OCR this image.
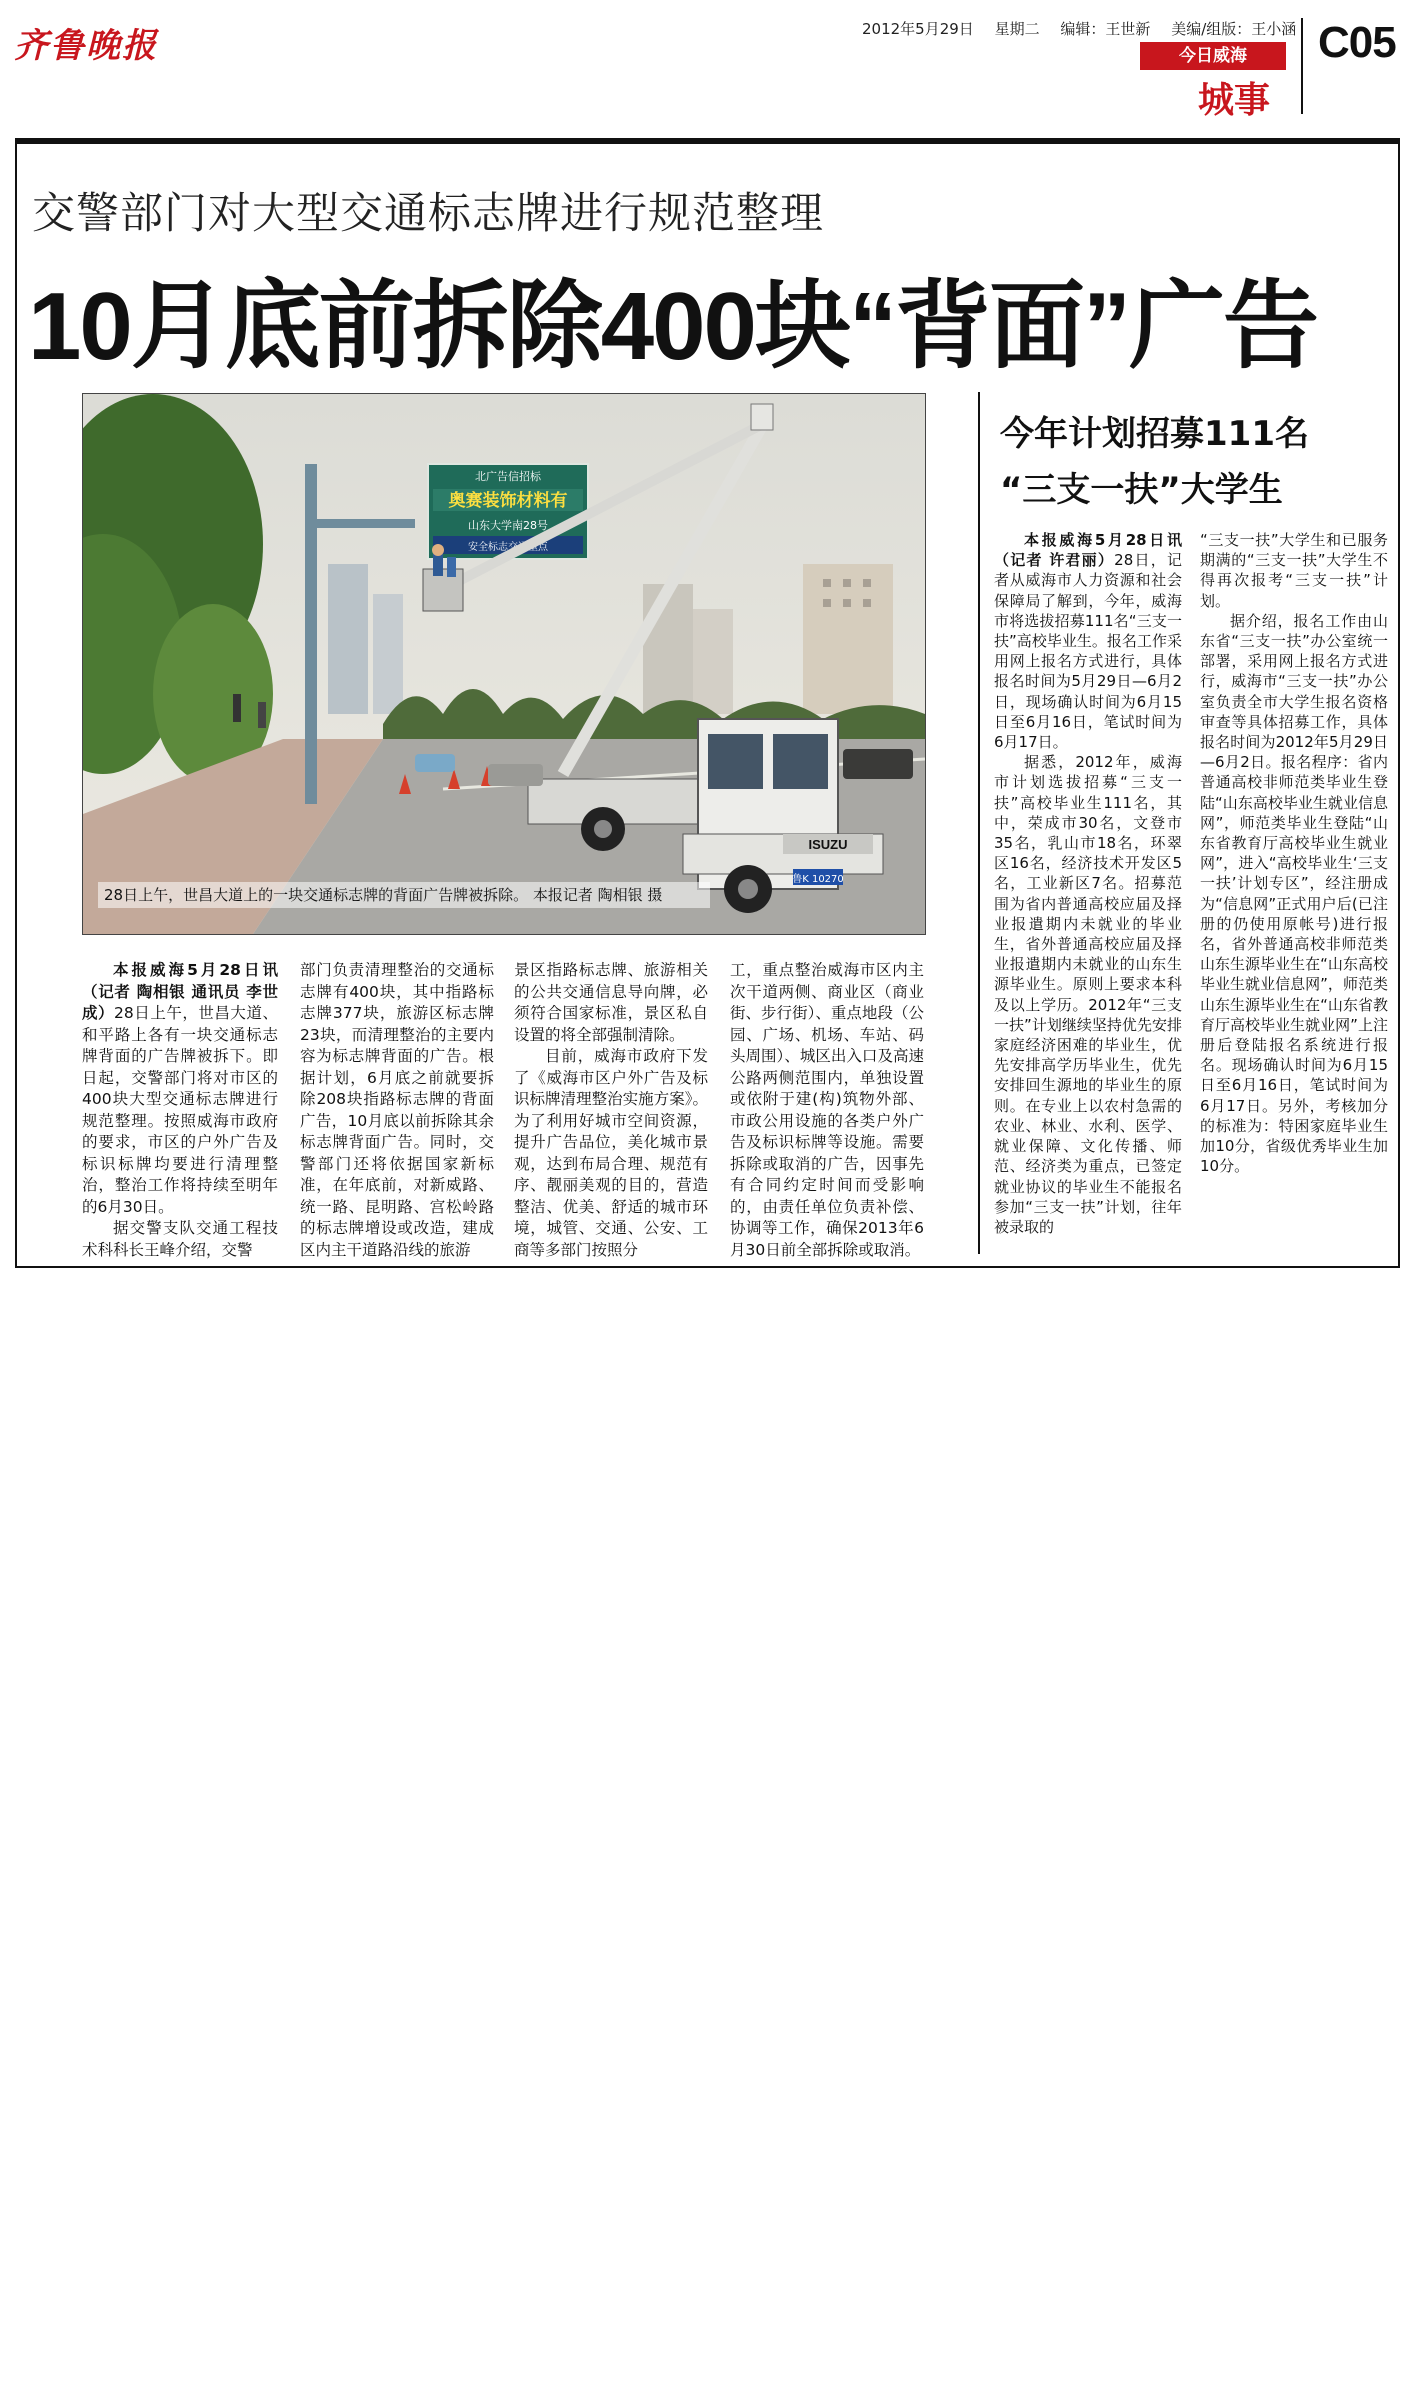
齐鲁晚报	2012年5月29日 星期二 编辑：王世新 美编/组版：王小涵
今日威海
城事
C05
交警部门对大型交通标志牌进行规范整理
10月底前拆除400块“背面”广告
北广告信招标
奥赛装饰材料有
山东大学南28号
安全标志交通重点
ISUZU
鲁K 10270
28日上午，世昌大道上的一块交通标志牌的背面广告牌被拆除。 本报记者 陶相银 摄

本报威海5月28日讯（记者 陶相银 通讯员 李世成）28日上午，世昌大道、和平路上各有一块交通标志牌背面的广告牌被拆下。即日起，交警部门将对市区的400块大型交通标志牌进行规范整理。按照威海市政府的要求，市区的户外广告及标识标牌均要进行清理整治，整治工作将持续至明年的6月30日。

据交警支队交通工程技术科科长王峰介绍，交警

部门负责清理整治的交通标志牌有400块，其中指路标志牌377块，旅游区标志牌23块，而清理整治的主要内容为标志牌背面的广告。根据计划，6月底之前就要拆除208块指路标志牌的背面广告，10月底以前拆除其余标志牌背面广告。同时，交警部门还将依据国家新标准，在年底前，对新威路、统一路、昆明路、宫松岭路的标志牌增设或改造，建成区内主干道路沿线的旅游

景区指路标志牌、旅游相关的公共交通信息导向牌，必须符合国家标准，景区私自设置的将全部强制清除。

目前，威海市政府下发了《威海市区户外广告及标识标牌清理整治实施方案》。为了利用好城市空间资源，提升广告品位，美化城市景观，达到布局合理、规范有序、靓丽美观的目的，营造整洁、优美、舒适的城市环境，城管、交通、公安、工商等多部门按照分

工，重点整治威海市区内主次干道两侧、商业区（商业街、步行街）、重点地段（公园、广场、机场、车站、码头周围）、城区出入口及高速公路两侧范围内，单独设置或依附于建(构)筑物外部、市政公用设施的各类户外广告及标识标牌等设施。需要拆除或取消的广告，因事先有合同约定时间而受影响的，由责任单位负责补偿、协调等工作，确保2013年6月30日前全部拆除或取消。

今年计划招募111名
“三支一扶”大学生

本报威海5月28日讯（记者 许君丽）28日，记者从威海市人力资源和社会保障局了解到，今年，威海市将选拔招募111名“三支一扶”高校毕业生。报名工作采用网上报名方式进行，具体报名时间为5月29日—6月2日，现场确认时间为6月15日至6月16日，笔试时间为6月17日。

据悉，2012年，威海市计划选拔招募“三支一扶”高校毕业生111名，其中，荣成市30名，文登市35名，乳山市18名，环翠区16名，经济技术开发区5名，工业新区7名。招募范围为省内普通高校应届及择业报遣期内未就业的毕业生，省外普通高校应届及择业报遣期内未就业的山东生源毕业生。原则上要求本科及以上学历。2012年“三支一扶”计划继续坚持优先安排家庭经济困难的毕业生，优先安排高学历毕业生，优先安排回生源地的毕业生的原则。在专业上以农村急需的农业、林业、水利、医学、就业保障、文化传播、师范、经济类为重点，已签定就业协议的毕业生不能报名参加“三支一扶”计划，往年被录取的

“三支一扶”大学生和已服务期满的“三支一扶”大学生不得再次报考“三支一扶”计划。

据介绍，报名工作由山东省“三支一扶”办公室统一部署，采用网上报名方式进行，威海市“三支一扶”办公室负责全市大学生报名资格审查等具体招募工作，具体报名时间为2012年5月29日—6月2日。报名程序：省内普通高校非师范类毕业生登陆“山东高校毕业生就业信息网”，师范类毕业生登陆“山东省教育厅高校毕业生就业网”，进入“高校毕业生‘三支一扶’计划专区”，经注册成为“信息网”正式用户后(已注册的仍使用原帐号)进行报名，省外普通高校非师范类山东生源毕业生在“山东高校毕业生就业信息网”，师范类山东生源毕业生在“山东省教育厅高校毕业生就业网”上注册后登陆报名系统进行报名。现场确认时间为6月15日至6月16日，笔试时间为6月17日。另外，考核加分的标准为：特困家庭毕业生加10分，省级优秀毕业生加10分。
